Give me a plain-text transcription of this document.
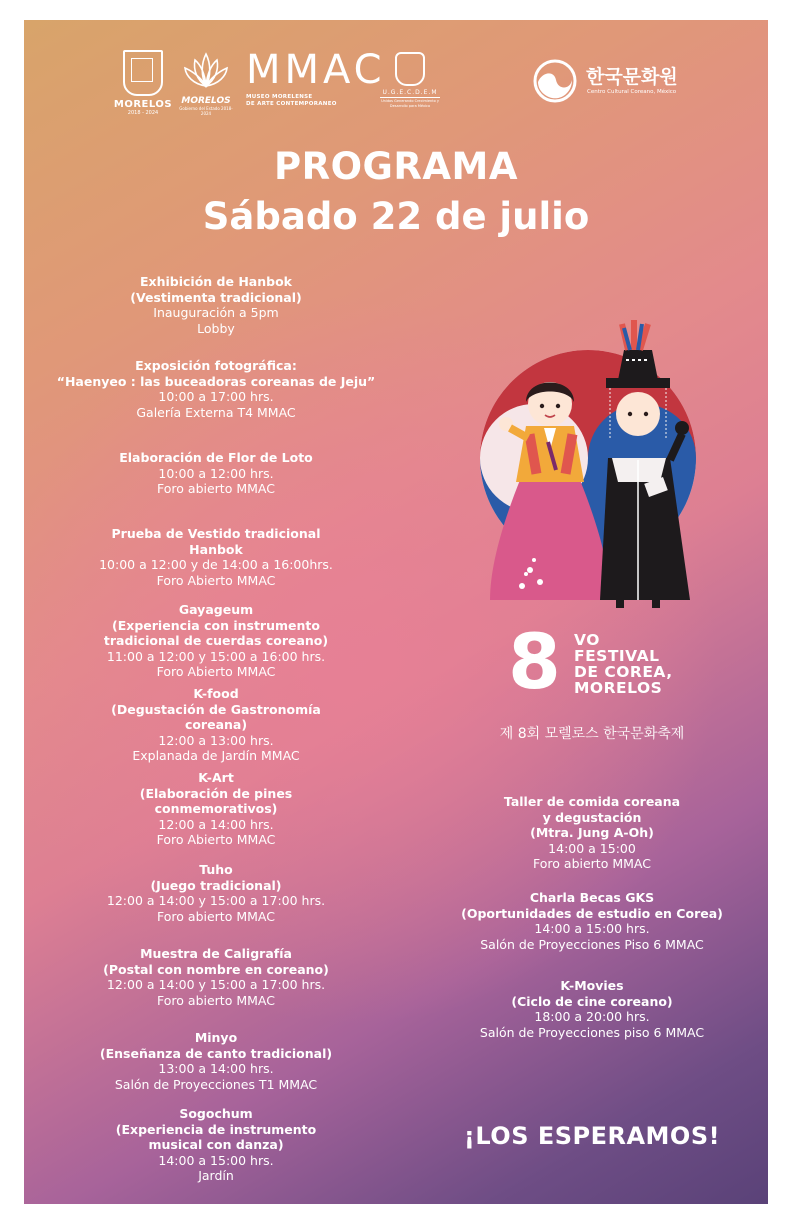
MORELOS
2018 - 2024
MORELOS
Gobierno del Estado 2018-2024
MMAC
MUSEO MORELENSE
DE ARTE CONTEMPORANEO
U.G.E.C.D.E.M
Unidos Generando Crecimiento y Desarrollo para México
한국문화원
Centro Cultural Coreano, México
PROGRAMA
Sábado 22 de julio
Exhibición de Hanbok
(Vestimenta tradicional)
Inauguración a 5pm
Lobby
Exposición fotográfica:
“Haenyeo : las buceadoras coreanas de Jeju”
10:00 a 17:00 hrs.
Galería Externa T4 MMAC
Elaboración de Flor de Loto
10:00 a 12:00 hrs.
Foro abierto MMAC
Prueba de Vestido tradicional
Hanbok
10:00 a 12:00 y de 14:00 a 16:00hrs.
Foro Abierto MMAC
Gayageum
(Experiencia con instrumento
tradicional de cuerdas coreano)
11:00 a 12:00 y 15:00 a 16:00 hrs.
Foro Abierto MMAC
K-food
(Degustación de Gastronomía
coreana)
12:00 a 13:00 hrs.
Explanada de Jardín MMAC
K-Art
(Elaboración de pines
conmemorativos)
12:00 a 14:00 hrs.
Foro Abierto MMAC
Tuho
(Juego tradicional)
12:00 a 14:00 y 15:00 a 17:00 hrs.
Foro abierto MMAC
Muestra de Caligrafía
(Postal con nombre en coreano)
12:00 a 14:00 y 15:00 a 17:00 hrs.
Foro abierto MMAC
Minyo
(Enseñanza de canto tradicional)
13:00 a 14:00 hrs.
Salón de Proyecciones T1 MMAC
Sogochum
(Experiencia de instrumento
musical con danza)
14:00 a 15:00 hrs.
Jardín
8 VO
FESTIVAL
DE COREA,
MORELOS
제 8회 모렐로스 한국문화축제
Taller de comida coreana
y degustación
(Mtra. Jung A-Oh)
14:00 a 15:00
Foro abierto MMAC
Charla Becas GKS
(Oportunidades de estudio en Corea)
14:00 a 15:00 hrs.
Salón de Proyecciones Piso 6 MMAC
K-Movies
(Ciclo de cine coreano)
18:00 a 20:00 hrs.
Salón de Proyecciones piso 6 MMAC
¡LOS ESPERAMOS!
